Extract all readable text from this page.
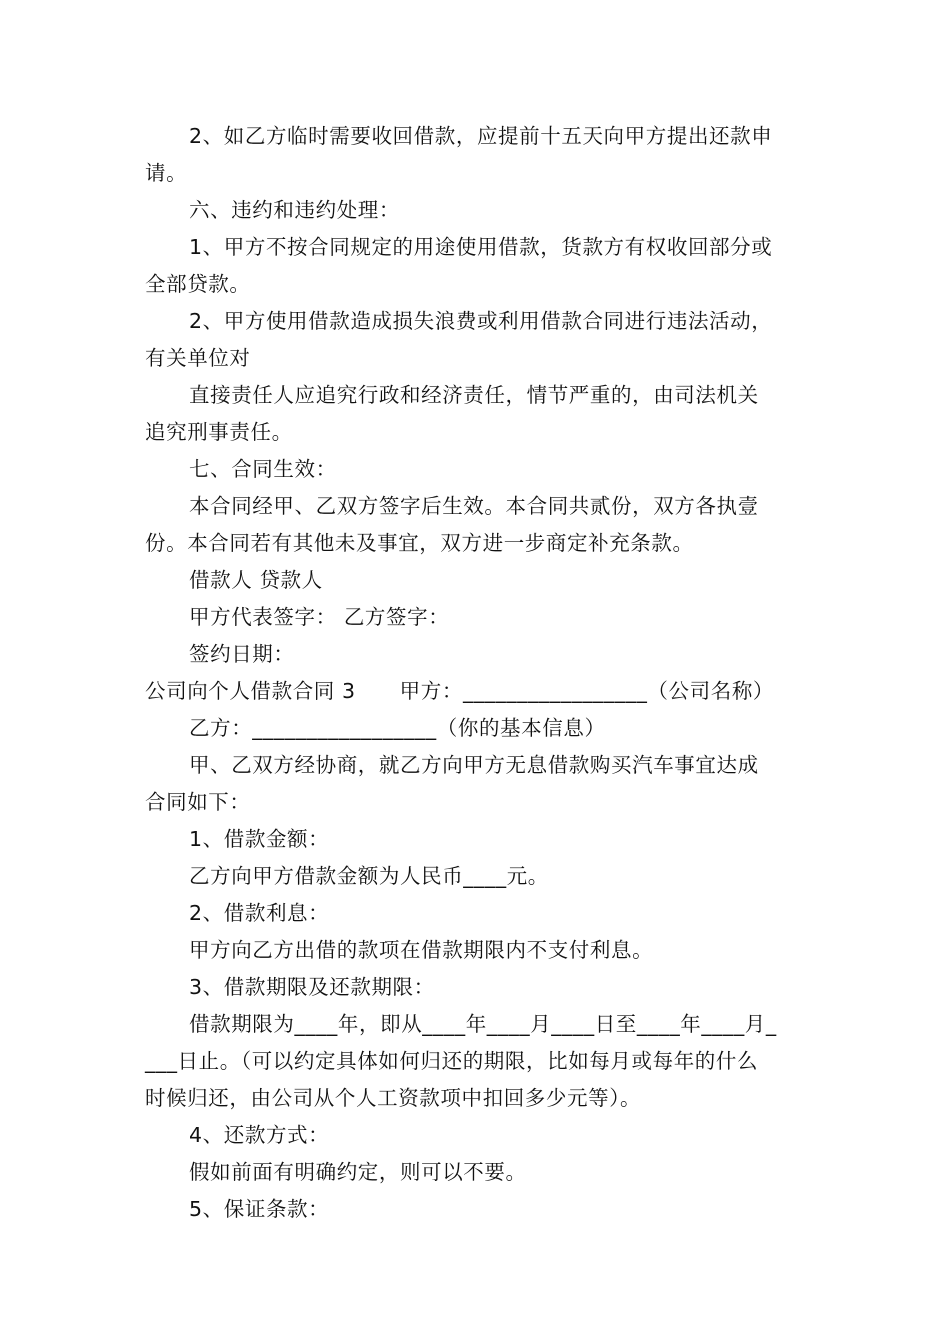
2、如乙方临时需要收回借款，应提前十五天向甲方提出还款申
请。
六、违约和违约处理：
1、甲方不按合同规定的用途使用借款，货款方有权收回部分或
全部贷款。
2、甲方使用借款造成损失浪费或利用借款合同进行违法活动，
有关单位对
直接责任人应追究行政和经济责任，情节严重的，由司法机关
追究刑事责任。
七、合同生效：
本合同经甲、乙双方签字后生效。本合同共贰份，双方各执壹
份。本合同若有其他未及事宜，双方进一步商定补充条款。
借款人 贷款人
甲方代表签字： 乙方签字：
签约日期：
公司向个人借款合同 3 甲方：_________________（公司名称）
乙方：_________________（你的基本信息）
甲、乙双方经协商，就乙方向甲方无息借款购买汽车事宜达成
合同如下：
1、借款金额：
乙方向甲方借款金额为人民币____元。
2、借款利息：
甲方向乙方出借的款项在借款期限内不支付利息。
3、借款期限及还款期限：
借款期限为____年，即从____年____月____日至____年____月_
___日止。（可以约定具体如何归还的期限，比如每月或每年的什么
时候归还，由公司从个人工资款项中扣回多少元等）。
4、还款方式：
假如前面有明确约定，则可以不要。
5、保证条款：
